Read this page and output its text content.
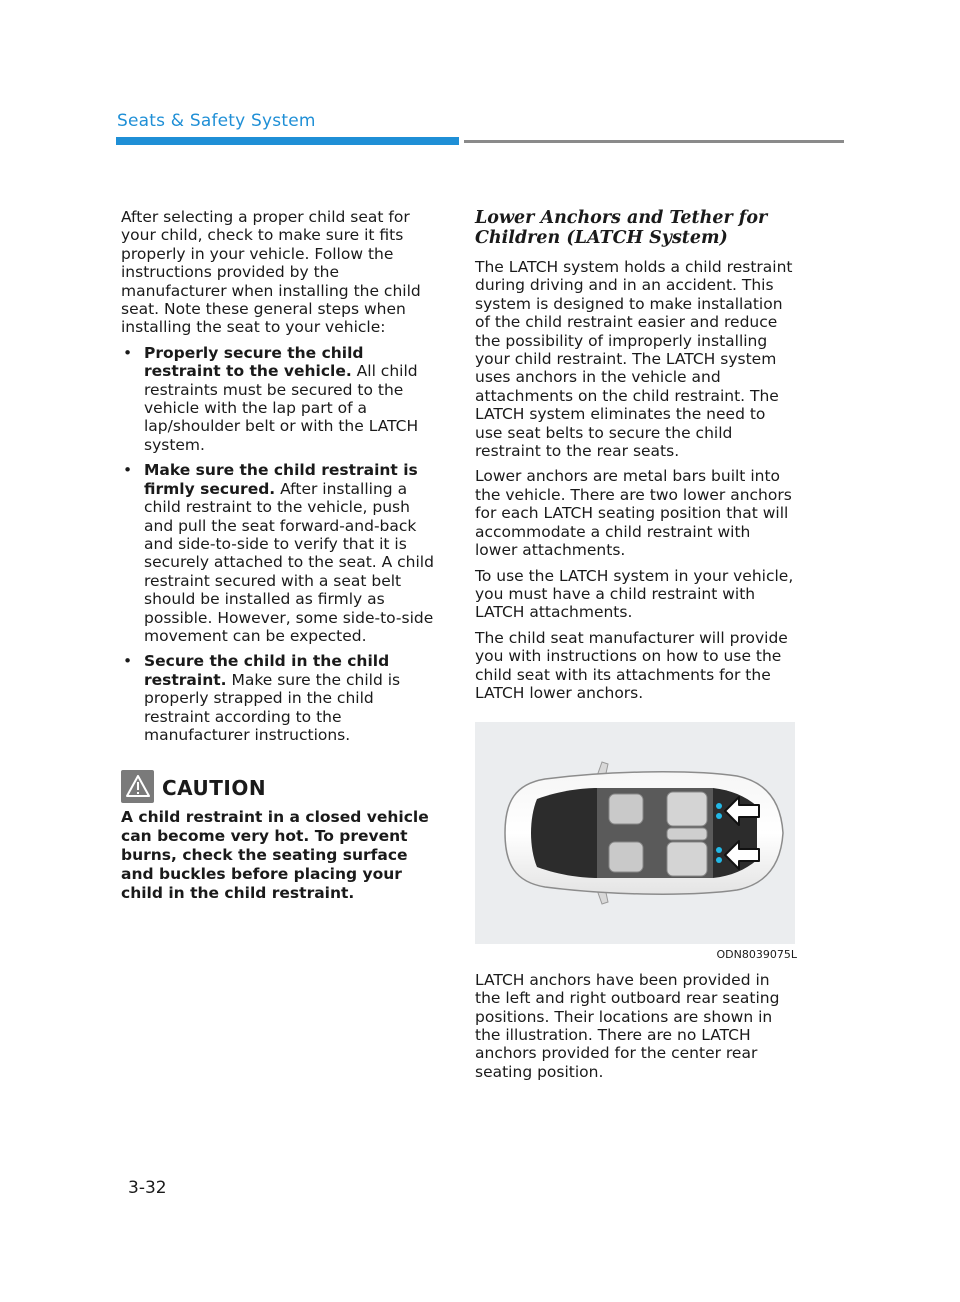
Seats & Safety System

After selecting a proper child seat for your child, check to make sure it fits properly in your vehicle. Follow the instructions provided by the manufacturer when installing the child seat. Note these general steps when installing the seat to your vehicle:

• Properly secure the child restraint to the vehicle. All child restraints must be secured to the vehicle with the lap part of a lap/shoulder belt or with the LATCH system.
• Make sure the child restraint is firmly secured. After installing a child restraint to the vehicle, push and pull the seat forward-and-back and side-to-side to verify that it is securely attached to the seat. A child restraint secured with a seat belt should be installed as firmly as possible. However, some side-to-side movement can be expected.
• Secure the child in the child restraint. Make sure the child is properly strapped in the child restraint according to the manufacturer instructions.
CAUTION
A child restraint in a closed vehicle can become very hot. To prevent burns, check the seating surface and buckles before placing your child in the child restraint.
Lower Anchors and Tether for Children (LATCH System)

The LATCH system holds a child restraint during driving and in an accident. This system is designed to make installation of the child restraint easier and reduce the possibility of improperly installing your child restraint. The LATCH system uses anchors in the vehicle and attachments on the child restraint. The LATCH system eliminates the need to use seat belts to secure the child restraint to the rear seats.

Lower anchors are metal bars built into the vehicle. There are two lower anchors for each LATCH seating position that will accommodate a child restraint with lower attachments.

To use the LATCH system in your vehicle, you must have a child restraint with LATCH attachments.

The child seat manufacturer will provide you with instructions on how to use the child seat with its attachments for the LATCH lower anchors.

ODN8039075L

LATCH anchors have been provided in the left and right outboard rear seating positions. Their locations are shown in the illustration. There are no LATCH anchors provided for the center rear seating position.

3-32
